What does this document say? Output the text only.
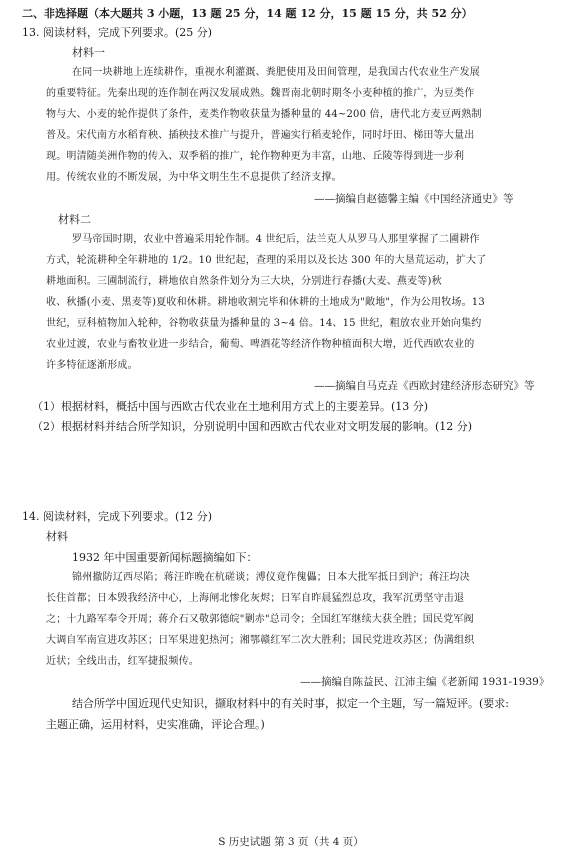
二、非选择题（本大题共 3 小题，13 题 25 分，14 题 12 分，15 题 15 分，共 52 分）
13. 阅读材料，完成下列要求。(25 分)
材料一
在同一块耕地上连续耕作，重视水利灌溉、粪肥使用及田间管理，是我国古代农业生产发展
的重要特征。先秦出现的连作制在两汉发展成熟。魏晋南北朝时期冬小麦种植的推广，为豆类作
物与大、小麦的轮作提供了条件，麦类作物收获量为播种量的 44~200 倍，唐代北方麦豆两熟制
普及。宋代南方水稻育秧、插秧技术推广与提升，普遍实行稻麦轮作，同时圩田、梯田等大量出
现。明清随美洲作物的传入、双季稻的推广，轮作物种更为丰富，山地、丘陵等得到进一步利
用。传统农业的不断发展，为中华文明生生不息提供了经济支撑。
——摘编自赵德馨主编《中国经济通史》等
材料二
罗马帝国时期，农业中普遍采用轮作制。4 世纪后，法兰克人从罗马人那里掌握了二圃耕作
方式，轮流耕种全年耕地的 1/2。10 世纪起，查理的采用以及长达 300 年的大垦荒运动，扩大了
耕地面积。三圃制流行，耕地依自然条件划分为三大块，分别进行春播(大麦、燕麦等)秋
收、秋播(小麦、黑麦等)夏收和休耕。耕地收割完毕和休耕的土地成为"敞地"，作为公用牧场。13
世纪，豆科植物加入轮种，谷物收获量为播种量的 3~4 倍。14、15 世纪，粗放农业开始向集约
农业过渡，农业与畜牧业进一步结合，葡萄、啤酒花等经济作物种植面积大增，近代西欧农业的
许多特征逐渐形成。
——摘编自马克垚《西欧封建经济形态研究》等
（1）根据材料，概括中国与西欧古代农业在土地利用方式上的主要差异。(13 分)
（2）根据材料并结合所学知识，分别说明中国和西欧古代农业对文明发展的影响。(12 分)
14. 阅读材料，完成下列要求。(12 分)
材料
1932 年中国重要新闻标题摘编如下：
锦州撤防辽西尽陷；蒋汪昨晚在杭磋谈；溥仪竟作傀儡；日本大批军抵日到沪；蒋汪均决
长住首都；日本毁我经济中心，上海闸北惨化灰烬；日军自昨晨猛烈总攻，我军沉勇坚守击退
之；十九路军奉令开周；蒋介石又敬郭德皖"剿赤"总司令；全国红军继续大获全胜；国民党军阀
大调自军南宣进攻苏区；日军果进犯热河；湘鄂赣红军二次大胜利；国民党进攻苏区；伪满组织
近状；全线出击，红军捷报频传。
——摘编自陈益民、江沛主编《老新闻 1931-1939》
结合所学中国近现代史知识，撷取材料中的有关时事，拟定一个主题，写一篇短评。(要求:
主题正确，运用材料，史实准确，评论合理。)
S 历史试题 第 3 页（共 4 页）
